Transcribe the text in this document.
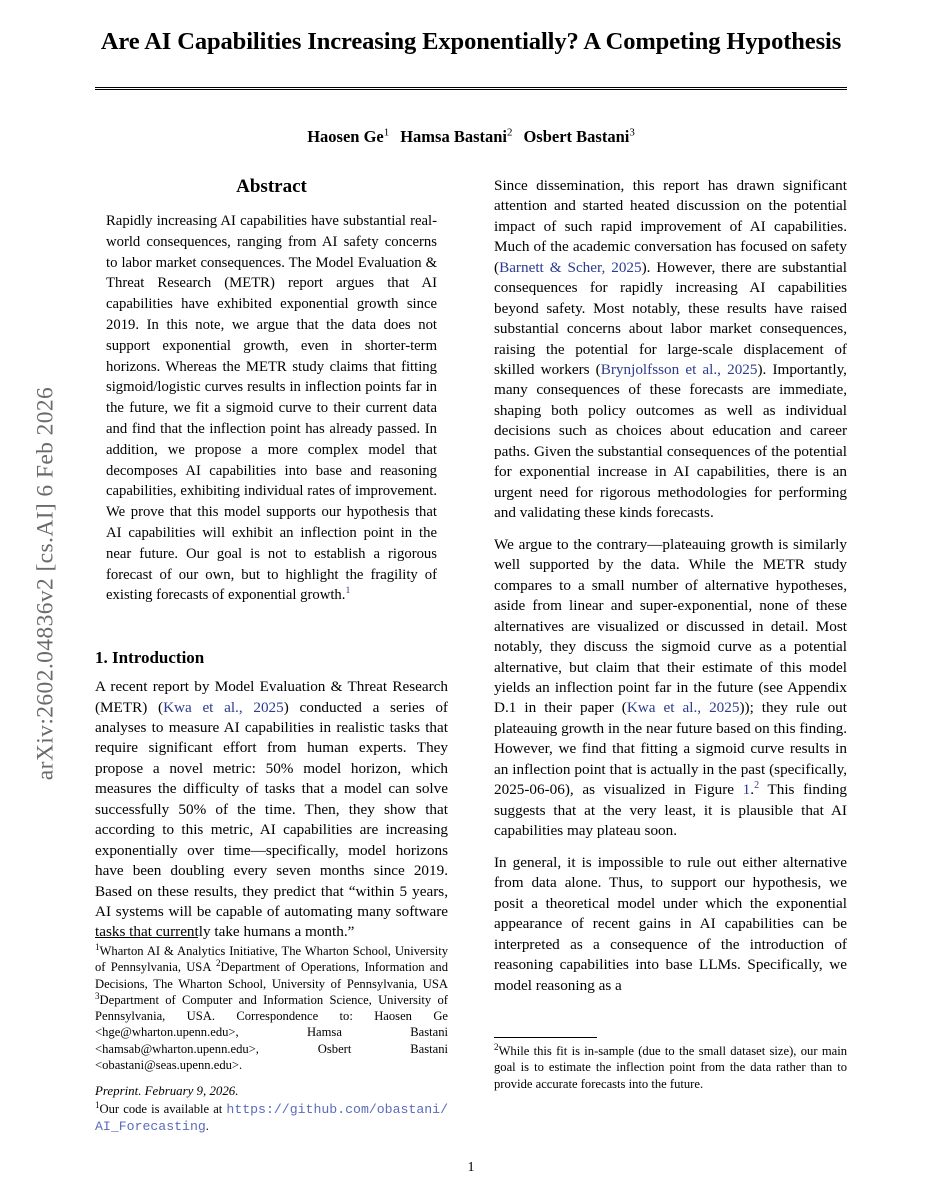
arXiv:2602.04836v2 [cs.AI] 6 Feb 2026
Are AI Capabilities Increasing Exponentially? A Competing Hypothesis
Haosen Ge$^1$ Hamsa Bastani$^2$ Osbert Bastani$^3$
Abstract

Rapidly increasing AI capabilities have substantial real-world consequences, ranging from AI safety concerns to labor market consequences. The Model Evaluation & Threat Research (METR) report argues that AI capabilities have exhibited exponential growth since 2019. In this note, we argue that the data does not support exponential growth, even in shorter-term horizons. Whereas the METR study claims that fitting sigmoid/logistic curves results in inflection points far in the future, we fit a sigmoid curve to their current data and find that the inflection point has already passed. In addition, we propose a more complex model that decomposes AI capabilities into base and reasoning capabilities, exhibiting individual rates of improvement. We prove that this model supports our hypothesis that AI capabilities will exhibit an inflection point in the near future. Our goal is not to establish a rigorous forecast of our own, but to highlight the fragility of existing forecasts of exponential growth.$^1$

1. Introduction

A recent report by Model Evaluation & Threat Research (METR) (Kwa et al., 2025) conducted a series of analyses to measure AI capabilities in realistic tasks that require significant effort from human experts. They propose a novel metric: 50% model horizon, which measures the difficulty of tasks that a model can solve successfully 50% of the time. Then, they show that according to this metric, AI capabilities are increasing exponentially over time—specifically, model horizons have been doubling every seven months since 2019. Based on these results, they predict that “within 5 years, AI systems will be capable of automating many software tasks that currently take humans a month.”

Since dissemination, this report has drawn significant attention and started heated discussion on the potential impact of such rapid improvement of AI capabilities. Much of the academic conversation has focused on safety (Barnett & Scher, 2025). However, there are substantial consequences for rapidly increasing AI capabilities beyond safety. Most notably, these results have raised substantial concerns about labor market consequences, raising the potential for large-scale displacement of skilled workers (Brynjolfsson et al., 2025). Importantly, many consequences of these forecasts are immediate, shaping both policy outcomes as well as individual decisions such as choices about education and career paths. Given the substantial consequences of the potential for exponential increase in AI capabilities, there is an urgent need for rigorous methodologies for performing and validating these kinds forecasts.

We argue to the contrary—plateauing growth is similarly well supported by the data. While the METR study compares to a small number of alternative hypotheses, aside from linear and super-exponential, none of these alternatives are visualized or discussed in detail. Most notably, they discuss the sigmoid curve as a potential alternative, but claim that their estimate of this model yields an inflection point far in the future (see Appendix D.1 in their paper (Kwa et al., 2025)); they rule out plateauing growth in the near future based on this finding. However, we find that fitting a sigmoid curve results in an inflection point that is actually in the past (specifically, 2025-06-06), as visualized in Figure 1.$^2$ This finding suggests that at the very least, it is plausible that AI capabilities may plateau soon.

In general, it is impossible to rule out either alternative from data alone. Thus, to support our hypothesis, we posit a theoretical model under which the exponential appearance of recent gains in AI capabilities can be interpreted as a consequence of the introduction of reasoning capabilities into base LLMs. Specifically, we model reasoning as a

$^1$Wharton AI & Analytics Initiative, The Wharton School, University of Pennsylvania, USA $^2$Department of Operations, Information and Decisions, The Wharton School, University of Pennsylvania, USA $^3$Department of Computer and Information Science, University of Pennsylvania, USA. Correspondence to: Haosen Ge <hge@wharton.upenn.edu>, Hamsa Bastani <hamsab@wharton.upenn.edu>, Osbert Bastani <obastani@seas.upenn.edu>.

Preprint. February 9, 2026.

$^1$Our code is available at https://github.com/obastani/AI_Forecasting.

$^2$While this fit is in-sample (due to the small dataset size), our main goal is to estimate the inflection point from the data rather than to provide accurate forecasts into the future.

1
